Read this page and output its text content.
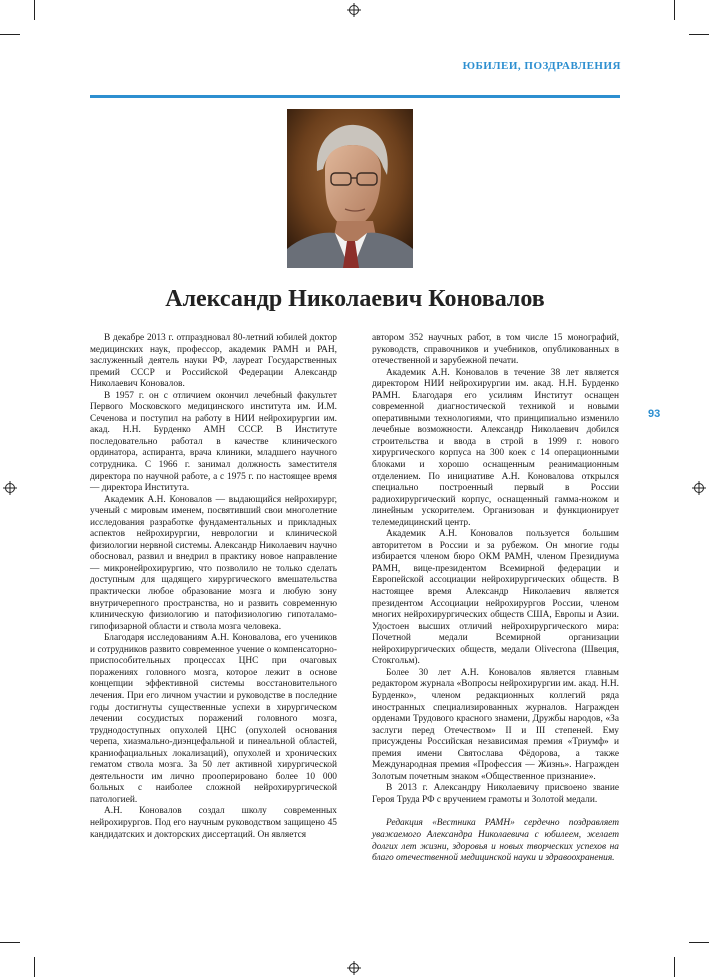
ЮБИЛЕИ, ПОЗДРАВЛЕНИЯ
93
Александр Николаевич Коновалов

В декабре 2013 г. отпраздновал 80-летний юбилей доктор медицинских наук, профессор, академик РАМН и РАН, заслуженный деятель науки РФ, лауреат Государственных премий СССР и Российской Федерации Александр Николаевич Коновалов.

В 1957 г. он с отличием окончил лечебный факультет Первого Московского медицинского института им. И.М. Сеченова и поступил на работу в НИИ нейрохирургии им. акад. Н.Н. Бурденко АМН СССР. В Институте последовательно работал в качестве клинического ординатора, аспиранта, врача клиники, младшего научного сотрудника. С 1966 г. занимал должность заместителя директора по научной работе, а с 1975 г. по настоящее время — директора Института.

Академик А.Н. Коновалов — выдающийся нейрохирург, ученый с мировым именем, посвятивший свои многолетние исследования разработке фундаментальных и прикладных аспектов нейрохирургии, неврологии и клинической физиологии нервной системы. Александр Николаевич научно обосновал, развил и внедрил в практику новое направление — микронейрохирургию, что позволило не только сделать доступным для щадящего хирургического вмешательства практически любое образование мозга и любую зону внутричерепного пространства, но и развить современную клиническую физиологию и патофизиологию гипоталамо-гипофизарной области и ствола мозга человека.

Благодаря исследованиям А.Н. Коновалова, его учеников и сотрудников развито современное учение о компенсаторно-приспособительных процессах ЦНС при очаговых поражениях головного мозга, которое лежит в основе концепции эффективной системы восстановительного лечения. При его личном участии и руководстве в последние годы достигнуты существенные успехи в хирургическом лечении сосудистых поражений головного мозга, труднодоступных опухолей ЦНС (опухолей основания черепа, хиазмально-диэнцефальной и пинеальной областей, краниофациальных локализаций), опухолей и хронических гематом ствола мозга. За 50 лет активной хирургической деятельности им лично прооперировано более 10 000 больных с наиболее сложной нейрохирургической патологией.

А.Н. Коновалов создал школу современных нейрохирургов. Под его научным руководством защищено 45 кандидатских и докторских диссертаций. Он является

автором 352 научных работ, в том числе 15 монографий, руководств, справочников и учебников, опубликованных в отечественной и зарубежной печати.

Академик А.Н. Коновалов в течение 38 лет является директором НИИ нейрохирургии им. акад. Н.Н. Бурденко РАМН. Благодаря его усилиям Институт оснащен современной диагностической техникой и новыми оперативными технологиями, что принципиально изменило лечебные возможности. Александр Николаевич добился строительства и ввода в строй в 1999 г. нового хирургического корпуса на 300 коек с 14 операционными блоками и хорошо оснащенным реанимационным отделением. По инициативе А.Н. Коновалова открылся специально построенный первый в России радиохирургический корпус, оснащенный гамма-ножом и линейным ускорителем. Организован и функционирует телемедицинский центр.

Академик А.Н. Коновалов пользуется большим авторитетом в России и за рубежом. Он многие годы избирается членом бюро ОКМ РАМН, членом Президиума РАМН, вице-президентом Всемирной федерации и Европейской ассоциации нейрохирургических обществ. В настоящее время Александр Николаевич является президентом Ассоциации нейрохирургов России, членом многих нейрохирургических обществ США, Европы и Азии. Удостоен высших отличий нейрохирургического мира: Почетной медали Всемирной организации нейрохирургических обществ, медали Olivecrona (Швеция, Стокгольм).

Более 30 лет А.Н. Коновалов является главным редактором журнала «Вопросы нейрохирургии им. акад. Н.Н. Бурденко», членом редакционных коллегий ряда иностранных специализированных журналов. Награжден орденами Трудового красного знамени, Дружбы народов, «За заслуги перед Отечеством» II и III степеней. Ему присуждены Российская независимая премия «Триумф» и премия имени Святослава Фёдорова, а также Международная премия «Профессия — Жизнь». Награжден Золотым почетным знаком «Общественное признание».

В 2013 г. Александру Николаевичу присвоено звание Героя Труда РФ с вручением грамоты и Золотой медали.

Редакция «Вестника РАМН» сердечно поздравляет уважаемого Александра Николаевича с юбилеем, желает долгих лет жизни, здоровья и новых творческих успехов на благо отечественной медицинской науки и здравоохранения.
